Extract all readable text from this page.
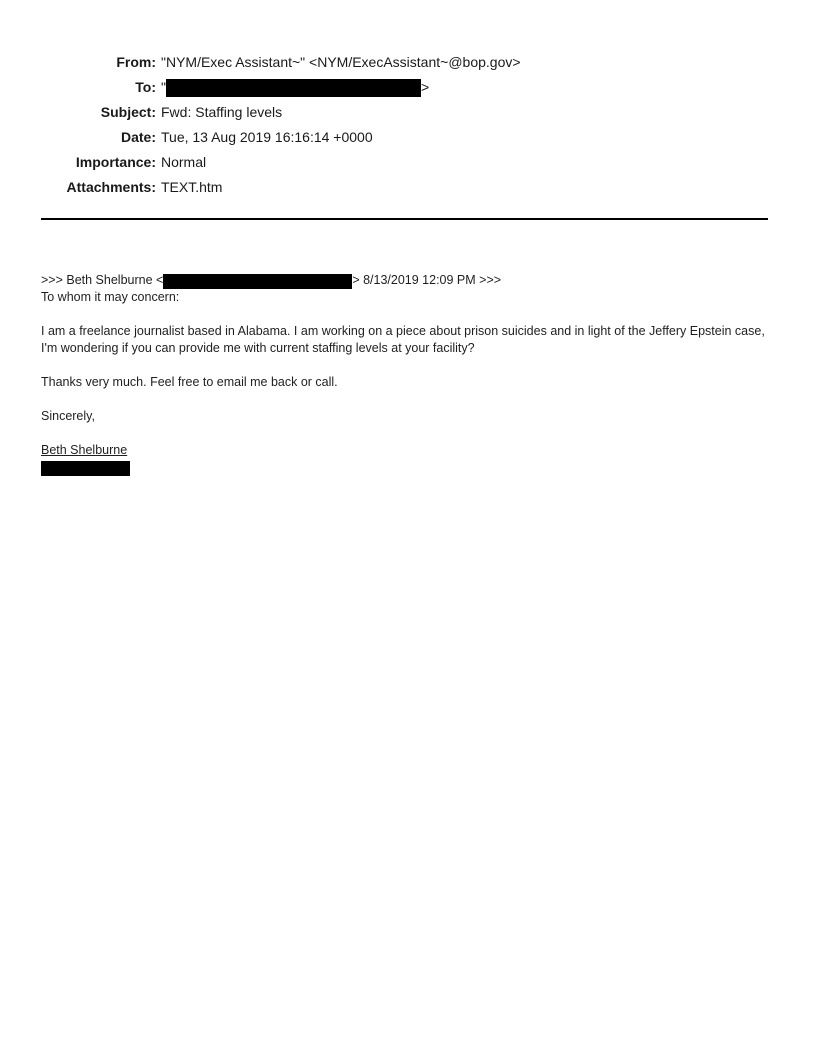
From: "NYM/Exec Assistant~" <NYM/ExecAssistant~@bop.gov>
To: "	>
Subject: Fwd: Staffing levels
Date: Tue, 13 Aug 2019 16:16:14 +0000
Importance: Normal
Attachments: TEXT.htm
>>> Beth Shelburne <	> 8/13/2019 12:09 PM >>>
To whom it may concern:
I am a freelance journalist based in Alabama. I am working on a piece about prison suicides and in light of the Jeffery Epstein case, I'm wondering if you can provide me with current staffing levels at your facility?
Thanks very much. Feel free to email me back or call.
Sincerely,
Beth Shelburne
